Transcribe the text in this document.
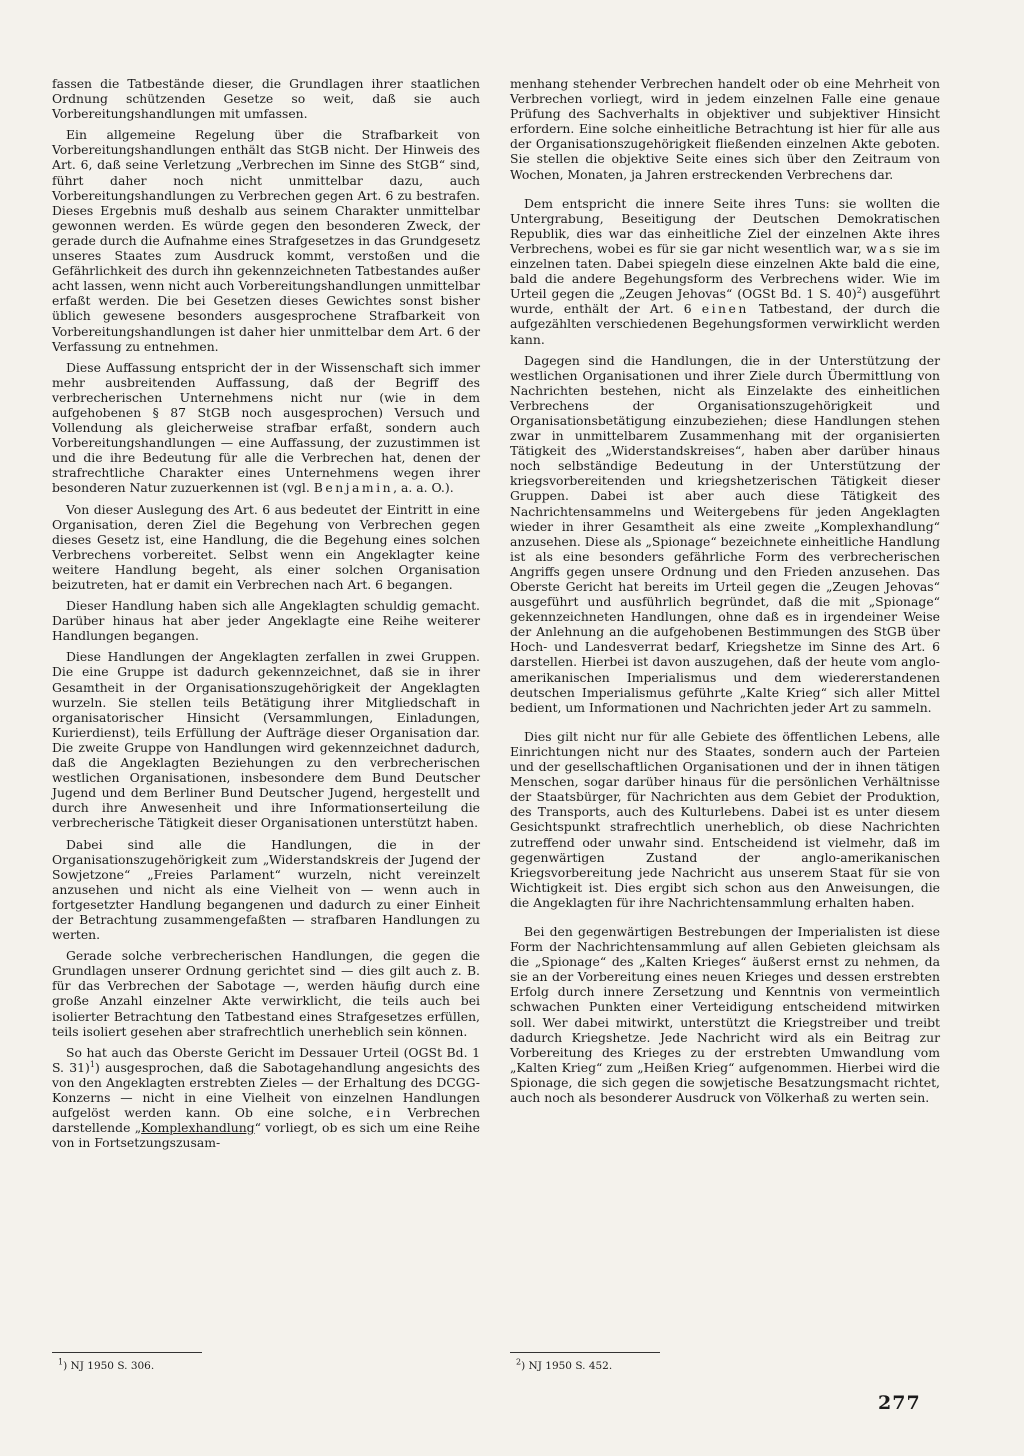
fassen die Tatbestände dieser, die Grundlagen ihrer staatlichen Ordnung schützenden Gesetze so weit, daß sie auch Vorbereitungshandlungen mit umfassen.

Ein allgemeine Regelung über die Strafbarkeit von Vorbereitungshandlungen enthält das StGB nicht. Der Hinweis des Art. 6, daß seine Verletzung „Verbrechen im Sinne des StGB“ sind, führt daher noch nicht unmittelbar dazu, auch Vorbereitungshandlungen zu Verbrechen gegen Art. 6 zu bestrafen. Dieses Ergebnis muß deshalb aus seinem Charakter unmittelbar gewonnen werden. Es würde gegen den besonderen Zweck, der gerade durch die Aufnahme eines Strafgesetzes in das Grundgesetz unseres Staates zum Ausdruck kommt, verstoßen und die Gefährlichkeit des durch ihn gekennzeichneten Tatbestandes außer acht lassen, wenn nicht auch Vorbereitungshandlungen unmittelbar erfaßt werden. Die bei Gesetzen dieses Gewichtes sonst bisher üblich gewesene besonders ausgesprochene Strafbarkeit von Vorbereitungshandlungen ist daher hier unmittelbar dem Art. 6 der Verfassung zu entnehmen.

Diese Auffassung entspricht der in der Wissenschaft sich immer mehr ausbreitenden Auffassung, daß der Begriff des verbrecherischen Unternehmens nicht nur (wie in dem aufgehobenen § 87 StGB noch ausgesprochen) Versuch und Vollendung als gleicherweise strafbar erfaßt, sondern auch Vorbereitungshandlungen — eine Auffassung, der zuzustimmen ist und die ihre Bedeutung für alle die Verbrechen hat, denen der strafrechtliche Charakter eines Unternehmens wegen ihrer besonderen Natur zuzuerkennen ist (vgl. Benjamin, a. a. O.).

Von dieser Auslegung des Art. 6 aus bedeutet der Eintritt in eine Organisation, deren Ziel die Begehung von Verbrechen gegen dieses Gesetz ist, eine Handlung, die die Begehung eines solchen Verbrechens vorbereitet. Selbst wenn ein Angeklagter keine weitere Handlung begeht, als einer solchen Organisation beizutreten, hat er damit ein Verbrechen nach Art. 6 begangen.

Dieser Handlung haben sich alle Angeklagten schuldig gemacht. Darüber hinaus hat aber jeder Angeklagte eine Reihe weiterer Handlungen begangen.

Diese Handlungen der Angeklagten zerfallen in zwei Gruppen. Die eine Gruppe ist dadurch gekennzeichnet, daß sie in ihrer Gesamtheit in der Organisationszugehörigkeit der Angeklagten wurzeln. Sie stellen teils Betätigung ihrer Mitgliedschaft in organisatorischer Hinsicht (Versammlungen, Einladungen, Kurierdienst), teils Erfüllung der Aufträge dieser Organisation dar. Die zweite Gruppe von Handlungen wird gekennzeichnet dadurch, daß die Angeklagten Beziehungen zu den verbrecherischen westlichen Organisationen, insbesondere dem Bund Deutscher Jugend und dem Berliner Bund Deutscher Jugend, hergestellt und durch ihre Anwesenheit und ihre Informationserteilung die verbrecherische Tätigkeit dieser Organisationen unterstützt haben.

Dabei sind alle die Handlungen, die in der Organisationszugehörigkeit zum „Widerstandskreis der Jugend der Sowjetzone“ „Freies Parlament“ wurzeln, nicht vereinzelt anzusehen und nicht als eine Vielheit von — wenn auch in fortgesetzter Handlung begangenen und dadurch zu einer Einheit der Betrachtung zusammengefaßten — strafbaren Handlungen zu werten.

Gerade solche verbrecherischen Handlungen, die gegen die Grundlagen unserer Ordnung gerichtet sind — dies gilt auch z. B. für das Verbrechen der Sabotage —, werden häufig durch eine große Anzahl einzelner Akte verwirklicht, die teils auch bei isolierter Betrachtung den Tatbestand eines Strafgesetzes erfüllen, teils isoliert gesehen aber strafrechtlich unerheblich sein können.

So hat auch das Oberste Gericht im Dessauer Urteil (OGSt Bd. 1 S. 31)$^1$) ausgesprochen, daß die Sabotagehandlung angesichts des von den Angeklagten erstrebten Zieles — der Erhaltung des DCGG-Konzerns — nicht in eine Vielheit von einzelnen Handlungen aufgelöst werden kann. Ob eine solche, ein Verbrechen darstellende „Komplexhandlung“ vorliegt, ob es sich um eine Reihe von in Fortsetzungszusam-

menhang stehender Verbrechen handelt oder ob eine Mehrheit von Verbrechen vorliegt, wird in jedem einzelnen Falle eine genaue Prüfung des Sachverhalts in objektiver und subjektiver Hinsicht erfordern. Eine solche einheitliche Betrachtung ist hier für alle aus der Organisationszugehörigkeit fließenden einzelnen Akte geboten. Sie stellen die objektive Seite eines sich über den Zeitraum von Wochen, Monaten, ja Jahren erstreckenden Verbrechens dar.

Dem entspricht die innere Seite ihres Tuns: sie wollten die Untergrabung, Beseitigung der Deutschen Demokratischen Republik, dies war das einheitliche Ziel der einzelnen Akte ihres Verbrechens, wobei es für sie gar nicht wesentlich war, was sie im einzelnen taten. Dabei spiegeln diese einzelnen Akte bald die eine, bald die andere Begehungsform des Verbrechens wider. Wie im Urteil gegen die „Zeugen Jehovas“ (OGSt Bd. 1 S. 40)$^2$) ausgeführt wurde, enthält der Art. 6 einen Tatbestand, der durch die aufgezählten verschiedenen Begehungsformen verwirklicht werden kann.

Dagegen sind die Handlungen, die in der Unterstützung der westlichen Organisationen und ihrer Ziele durch Übermittlung von Nachrichten bestehen, nicht als Einzelakte des einheitlichen Verbrechens der Organisationszugehörigkeit und Organisationsbetätigung einzubeziehen; diese Handlungen stehen zwar in unmittelbarem Zusammenhang mit der organisierten Tätigkeit des „Widerstandskreises“, haben aber darüber hinaus noch selbständige Bedeutung in der Unterstützung der kriegsvorbereitenden und kriegshetzerischen Tätigkeit dieser Gruppen. Dabei ist aber auch diese Tätigkeit des Nachrichtensammelns und Weitergebens für jeden Angeklagten wieder in ihrer Gesamtheit als eine zweite „Komplexhandlung“ anzusehen. Diese als „Spionage“ bezeichnete einheitliche Handlung ist als eine besonders gefährliche Form des verbrecherischen Angriffs gegen unsere Ordnung und den Frieden anzusehen. Das Oberste Gericht hat bereits im Urteil gegen die „Zeugen Jehovas“ ausgeführt und ausführlich begründet, daß die mit „Spionage“ gekennzeichneten Handlungen, ohne daß es in irgendeiner Weise der Anlehnung an die aufgehobenen Bestimmungen des StGB über Hoch- und Landesverrat bedarf, Kriegshetze im Sinne des Art. 6 darstellen. Hierbei ist davon auszugehen, daß der heute vom anglo-amerikanischen Imperialismus und dem wiedererstandenen deutschen Imperialismus geführte „Kalte Krieg“ sich aller Mittel bedient, um Informationen und Nachrichten jeder Art zu sammeln.

Dies gilt nicht nur für alle Gebiete des öffentlichen Lebens, alle Einrichtungen nicht nur des Staates, sondern auch der Parteien und der gesellschaftlichen Organisationen und der in ihnen tätigen Menschen, sogar darüber hinaus für die persönlichen Verhältnisse der Staatsbürger, für Nachrichten aus dem Gebiet der Produktion, des Transports, auch des Kulturlebens. Dabei ist es unter diesem Gesichtspunkt strafrechtlich unerheblich, ob diese Nachrichten zutreffend oder unwahr sind. Entscheidend ist vielmehr, daß im gegenwärtigen Zustand der anglo-amerikanischen Kriegsvorbereitung jede Nachricht aus unserem Staat für sie von Wichtigkeit ist. Dies ergibt sich schon aus den Anweisungen, die die Angeklagten für ihre Nachrichtensammlung erhalten haben.

Bei den gegenwärtigen Bestrebungen der Imperialisten ist diese Form der Nachrichtensammlung auf allen Gebieten gleichsam als die „Spionage“ des „Kalten Krieges“ äußerst ernst zu nehmen, da sie an der Vorbereitung eines neuen Krieges und dessen erstrebten Erfolg durch innere Zersetzung und Kenntnis von vermeintlich schwachen Punkten einer Verteidigung entscheidend mitwirken soll. Wer dabei mitwirkt, unterstützt die Kriegstreiber und treibt dadurch Kriegshetze. Jede Nachricht wird als ein Beitrag zur Vorbereitung des Krieges zu der erstrebten Umwandlung vom „Kalten Krieg“ zum „Heißen Krieg“ aufgenommen. Hierbei wird die Spionage, die sich gegen die sowjetische Besatzungsmacht richtet, auch noch als besonderer Ausdruck von Völkerhaß zu werten sein.

$^1$) NJ 1950 S. 306.	$^2$) NJ 1950 S. 452.
277
